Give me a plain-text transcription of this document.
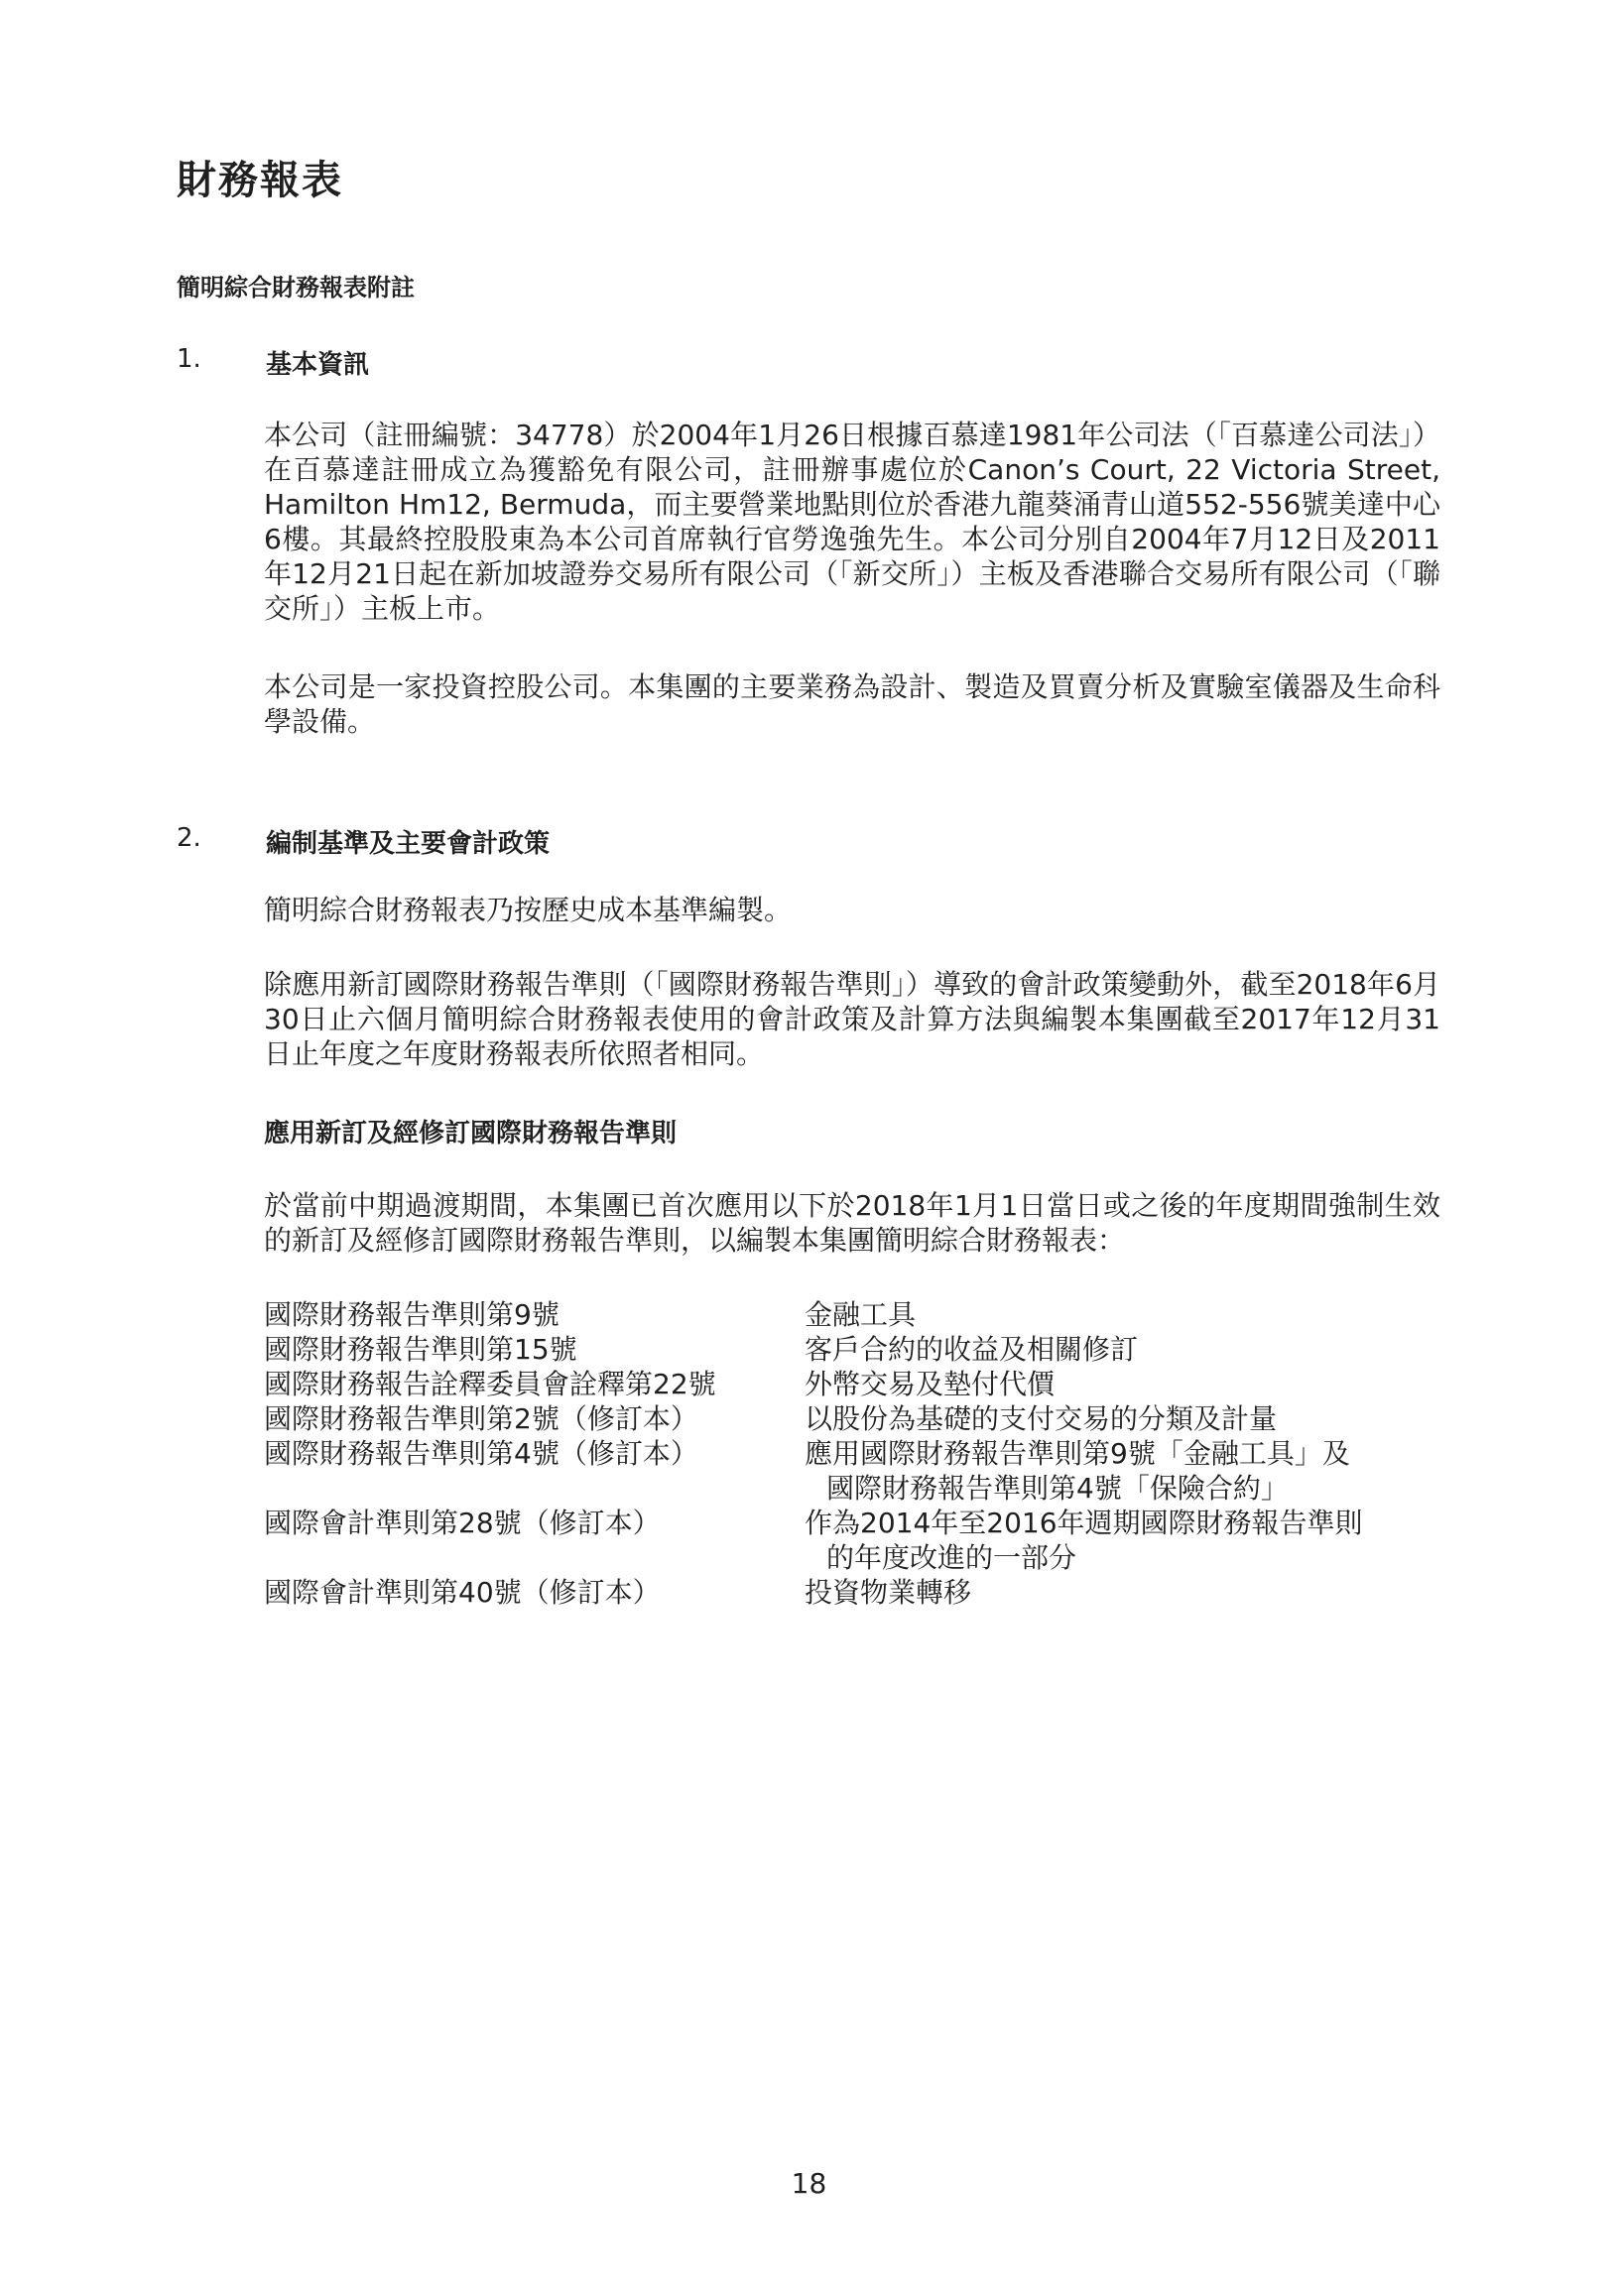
財務報表
簡明綜合財務報表附註
1.	基本資訊

本公司（註冊編號：34778）於2004年1月26日根據百慕達1981年公司法（「百慕達公司法」）在百慕達註冊成立為獲豁免有限公司，註冊辦事處位於Canon’s Court, 22 Victoria Street, Hamilton Hm12, Bermuda，而主要營業地點則位於香港九龍葵涌青山道552-556號美達中心6樓。其最終控股股東為本公司首席執行官勞逸強先生。本公司分別自2004年7月12日及2011年12月21日起在新加坡證券交易所有限公司（「新交所」）主板及香港聯合交易所有限公司（「聯交所」）主板上市。

本公司是一家投資控股公司。本集團的主要業務為設計、製造及買賣分析及實驗室儀器及生命科學設備。

2.	編制基準及主要會計政策

簡明綜合財務報表乃按歷史成本基準編製。

除應用新訂國際財務報告準則（「國際財務報告準則」）導致的會計政策變動外，截至2018年6月30日止六個月簡明綜合財務報表使用的會計政策及計算方法與編製本集團截至2017年12月31日止年度之年度財務報表所依照者相同。

應用新訂及經修訂國際財務報告準則

於當前中期過渡期間，本集團已首次應用以下於2018年1月1日當日或之後的年度期間強制生效的新訂及經修訂國際財務報告準則，以編製本集團簡明綜合財務報表：

國際財務報告準則第9號	金融工具
國際財務報告準則第15號	客戶合約的收益及相關修訂
國際財務報告詮釋委員會詮釋第22號	外幣交易及墊付代價
國際財務報告準則第2號（修訂本）	以股份為基礎的支付交易的分類及計量
國際財務報告準則第4號（修訂本）	應用國際財務報告準則第9號「金融工具」及
國際財務報告準則第4號「保險合約」
國際會計準則第28號（修訂本）	作為2014年至2016年週期國際財務報告準則
的年度改進的一部分
國際會計準則第40號（修訂本）	投資物業轉移
18
